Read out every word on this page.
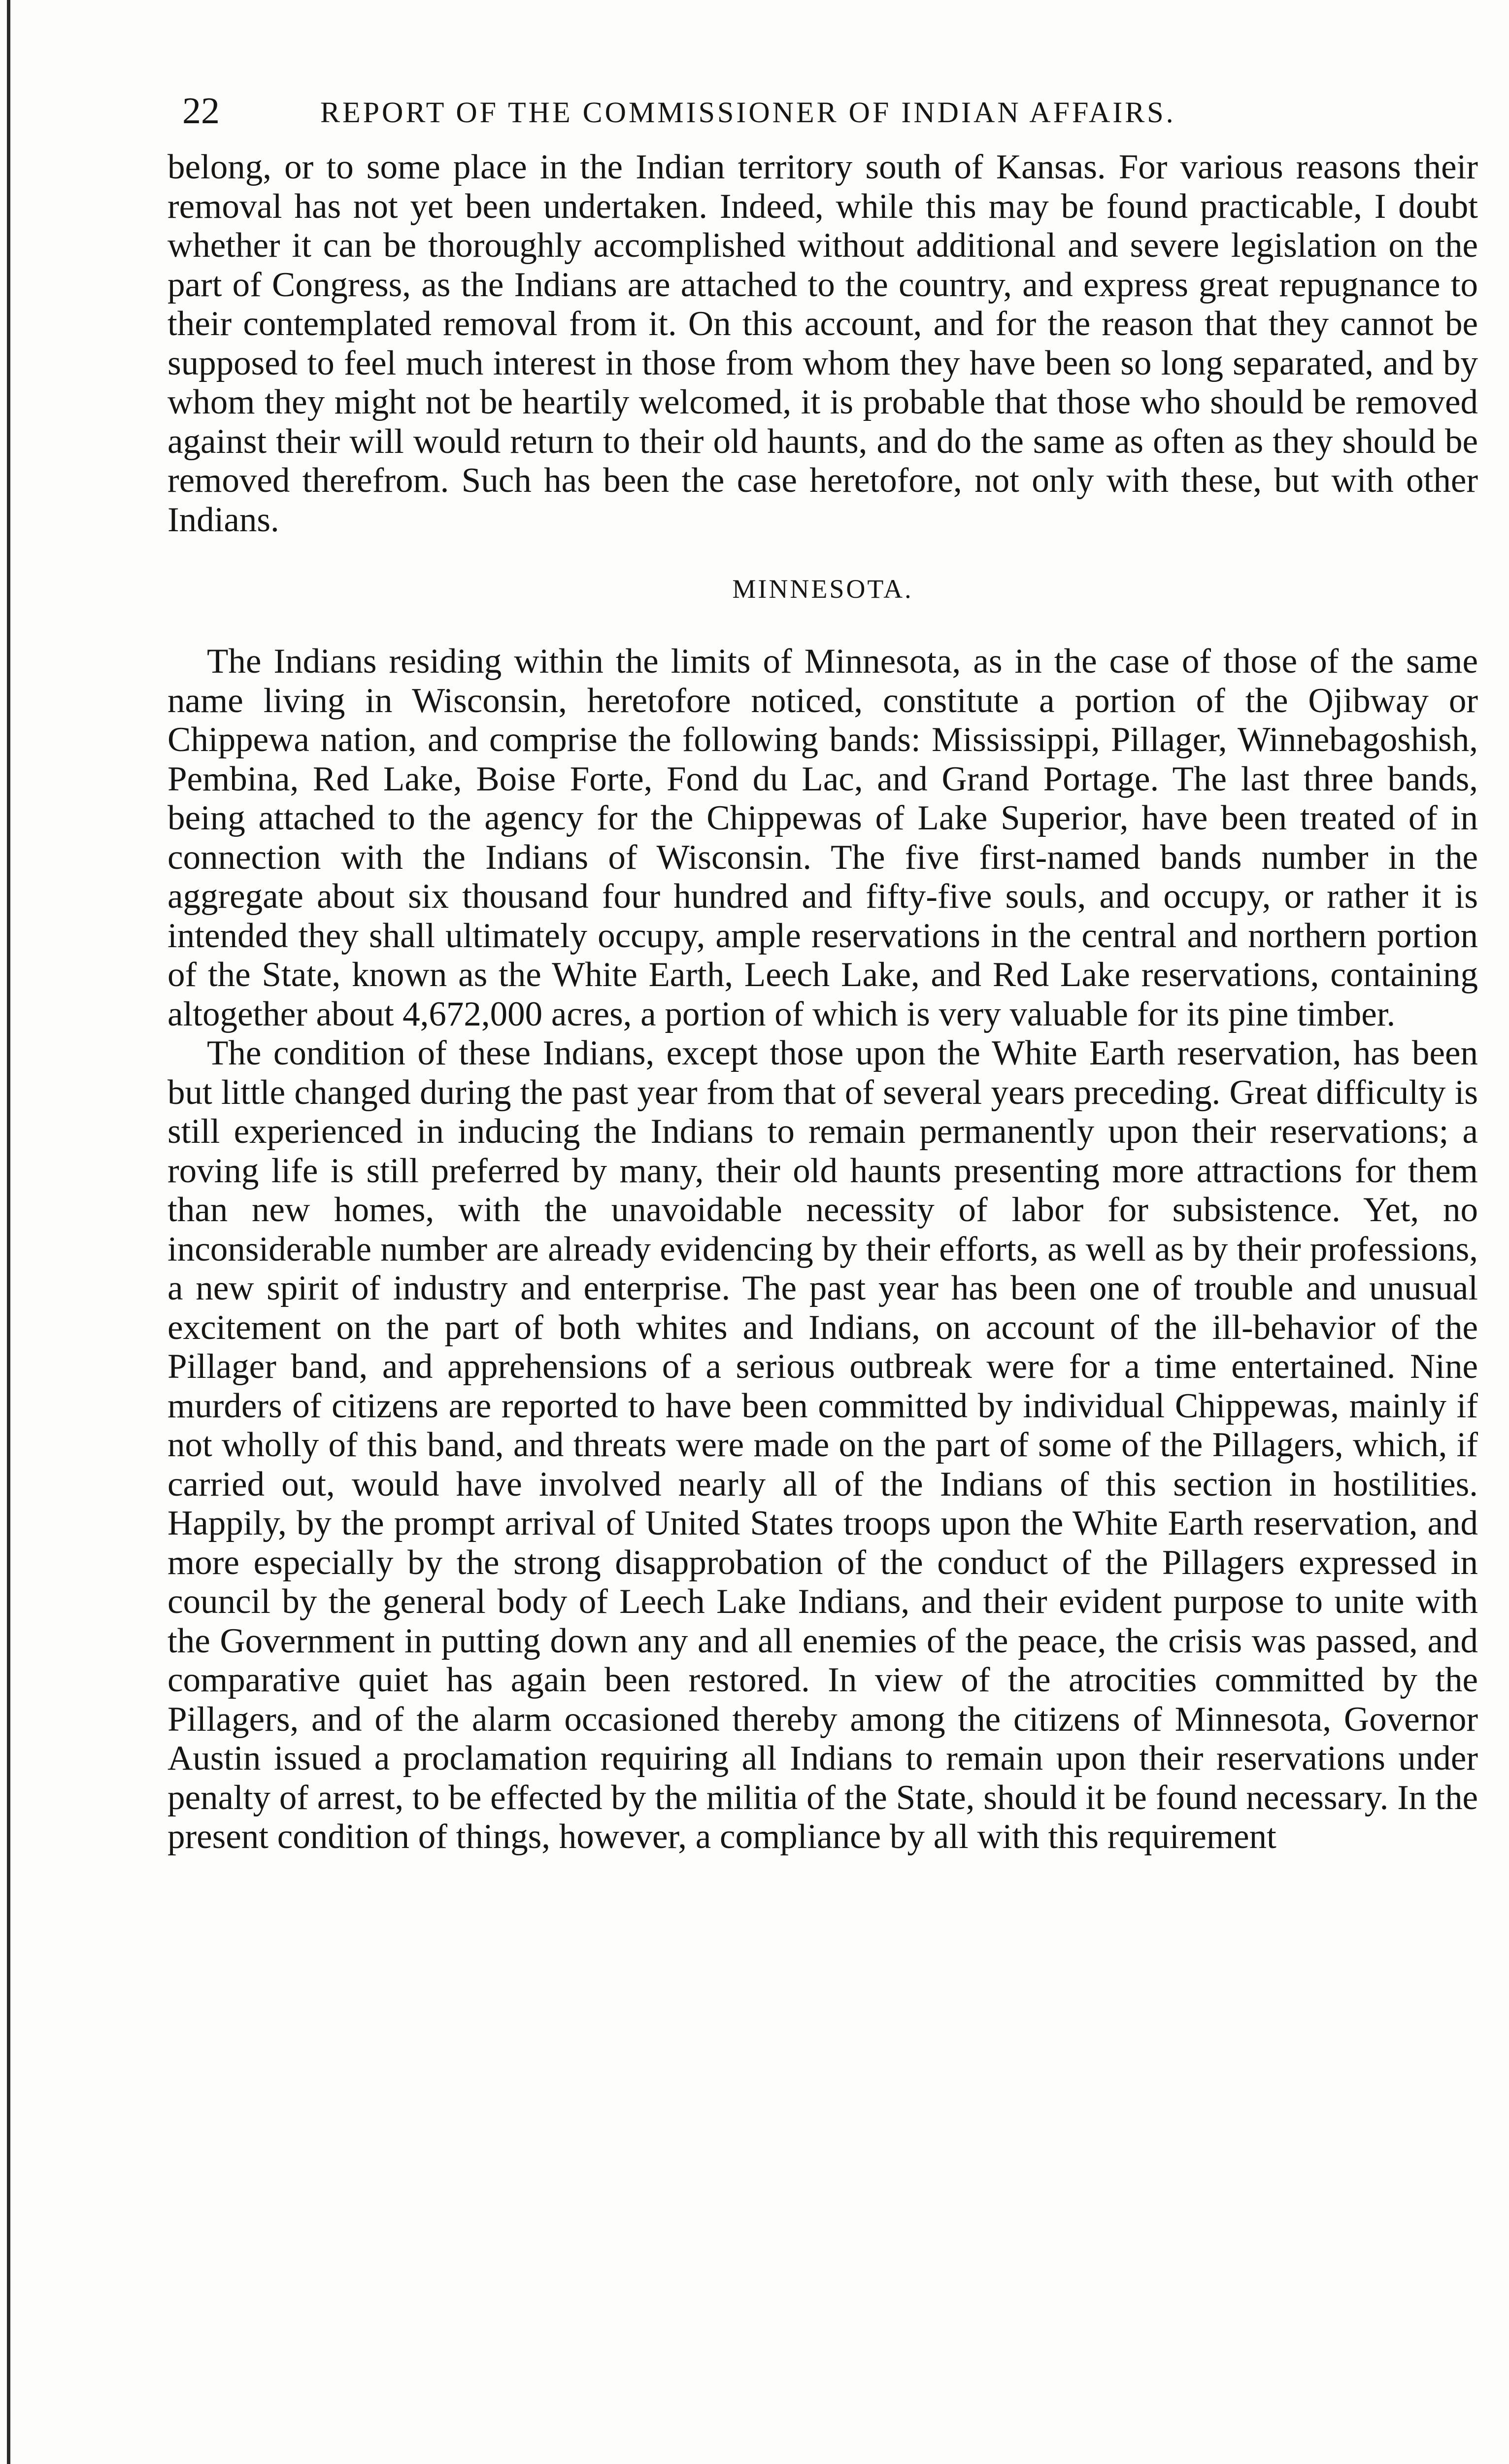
22	REPORT OF THE COMMISSIONER OF INDIAN AFFAIRS.

belong, or to some place in the Indian territory south of Kansas. For various reasons their removal has not yet been undertaken. Indeed, while this may be found practicable, I doubt whether it can be thoroughly accomplished without additional and severe legislation on the part of Congress, as the Indians are attached to the country, and express great repugnance to their contemplated removal from it. On this account, and for the reason that they cannot be supposed to feel much interest in those from whom they have been so long separated, and by whom they might not be heartily welcomed, it is probable that those who should be removed against their will would return to their old haunts, and do the same as often as they should be removed therefrom. Such has been the case heretofore, not only with these, but with other Indians.

MINNESOTA.

The Indians residing within the limits of Minnesota, as in the case of those of the same name living in Wisconsin, heretofore noticed, constitute a portion of the Ojibway or Chippewa nation, and comprise the following bands: Mississippi, Pillager, Winnebagoshish, Pembina, Red Lake, Boise Forte, Fond du Lac, and Grand Portage. The last three bands, being attached to the agency for the Chippewas of Lake Superior, have been treated of in connection with the Indians of Wisconsin. The five first-named bands number in the aggregate about six thousand four hundred and fifty-five souls, and occupy, or rather it is intended they shall ultimately occupy, ample reservations in the central and northern portion of the State, known as the White Earth, Leech Lake, and Red Lake reservations, containing altogether about 4,672,000 acres, a portion of which is very valuable for its pine timber.

The condition of these Indians, except those upon the White Earth reservation, has been but little changed during the past year from that of several years preceding. Great difficulty is still experienced in inducing the Indians to remain permanently upon their reservations; a roving life is still preferred by many, their old haunts presenting more attractions for them than new homes, with the unavoidable necessity of labor for subsistence. Yet, no inconsiderable number are already evidencing by their efforts, as well as by their professions, a new spirit of industry and enterprise. The past year has been one of trouble and unusual excitement on the part of both whites and Indians, on account of the ill-behavior of the Pillager band, and apprehensions of a serious outbreak were for a time entertained. Nine murders of citizens are reported to have been committed by individual Chippewas, mainly if not wholly of this band, and threats were made on the part of some of the Pillagers, which, if carried out, would have involved nearly all of the Indians of this section in hostilities. Happily, by the prompt arrival of United States troops upon the White Earth reservation, and more especially by the strong disapprobation of the conduct of the Pillagers expressed in council by the general body of Leech Lake Indians, and their evident purpose to unite with the Government in putting down any and all enemies of the peace, the crisis was passed, and comparative quiet has again been restored. In view of the atrocities committed by the Pillagers, and of the alarm occasioned thereby among the citizens of Minnesota, Governor Austin issued a proclamation requiring all Indians to remain upon their reservations under penalty of arrest, to be effected by the militia of the State, should it be found necessary. In the present condition of things, however, a compliance by all with this requirement
